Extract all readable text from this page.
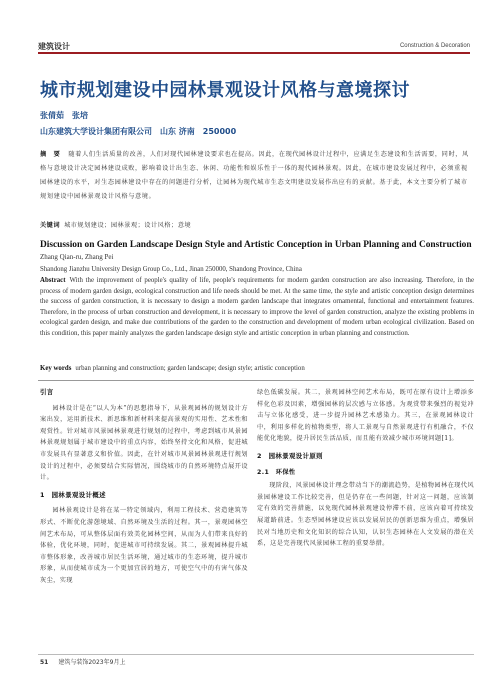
建筑设计	Construction & Decoration
城市规划建设中园林景观设计风格与意境探讨
张倩茹　张培
山东建筑大学设计集团有限公司　山东 济南　250000
摘　要 随着人们生活质量的改善，人们对现代园林建设要求也在提高。因此，在现代园林设计过程中，应满足生态建设和生活需要，同时，风格与意境设计决定园林建设成败，影响着设计出生态、休闲、功能性和娱乐性于一体的现代园林景观。因此，在城市建设发展过程中，必须重视园林建设的水平，对生态园林建设中存在的问题进行分析，让园林为现代城市生态文明建设发展作出应有的贡献。基于此，本文主要分析了城市规划建设中园林景观设计风格与意境。
关键词 城市规划建设；园林景观；设计风格；意境
Discussion on Garden Landscape Design Style and Artistic Conception in Urban Planning and Construction
Zhang Qian-ru, Zhang Pei
Shandong Jianzhu University Design Group Co., Ltd., Jinan 250000, Shandong Province, China
Abstract With the improvement of people's quality of life, people's requirements for modern garden construction are also increasing. Therefore, in the process of modern garden design, ecological construction and life needs should be met. At the same time, the style and artistic conception design determines the success of garden construction, it is necessary to design a modern garden landscape that integrates ornamental, functional and entertainment features. Therefore, in the process of urban construction and development, it is necessary to improve the level of garden construction, analyze the existing problems in ecological garden design, and make due contributions of the garden to the construction and development of modern urban ecological civilization. Based on this condition, this paper mainly analyzes the garden landscape design style and artistic conception in urban planning and construction.
Key words urban planning and construction; garden landscape; design style; artistic conception
引言

园林设计是在“以人为本”的思想指导下，从景观园林的规划设计方案出发，运用新技术、新思维和新材料来提高景观的实用性、艺术性和观赏性。针对城市风景园林景观进行规划的过程中，考虑到城市风景园林景观规划属于城市建设中的重点内容，始终坚持文化和风格，促进城市发展具有显著意义和价值。因此，在针对城市风景园林景观进行规划设计的过程中，必须要结合实际情况，围绕城市的自然环境特点展开设计。

1　园林景观设计概述

园林景观设计是将在某一特定领域内，利用工程技术、营造建筑等形式、不断优化游憩境域、自然环境及生活的过程。其一，景观园林空间艺术布局，可从整体层面有效美化园林空间，从而为人们带来良好的体验，优化环境，同时，促进城市可持续发展。其二，景观园林提升城市整体形象，改善城市居民生活环境，通过城市的生态环境，提升城市形象，从而使城市成为一个更加宜居的地方，可使空气中的有害气体及灰尘，实现

绿色低碳发展。其二，景观园林空间艺术布局，既可在原有设计上增添多样化色彩及因素，增强园林的层次感与立体感。为观赏带来强烈的视觉冲击与立体化感受，进一步提升园林艺术感染力。其三，在景观园林设计中，利用多样化的植物类型，将人工景观与自然景观进行有机融合，不仅能优化地貌，提升居民生活品质，而且能有效减少城市环境问题[1]。

2　园林景观设计原则
2.1　环保性

现阶段，风景园林设计理念带动当下的潮流趋势，是植物园林在现代风景园林建设工作比较完善，但是仍存在一些问题，针对这一问题，应该制定有效的完善措施，以免现代园林景观建设停滞不前，应该向着可持续发展道路前进。生态型园林建设应该以发展居民的创新思维为重点，增强居民对当地历史和文化知识的综合认知，认识生态园林在人文发展的潜在关系，这是完善现代风景园林工程的重要举措。

51 建筑与装饰2023年9月上
